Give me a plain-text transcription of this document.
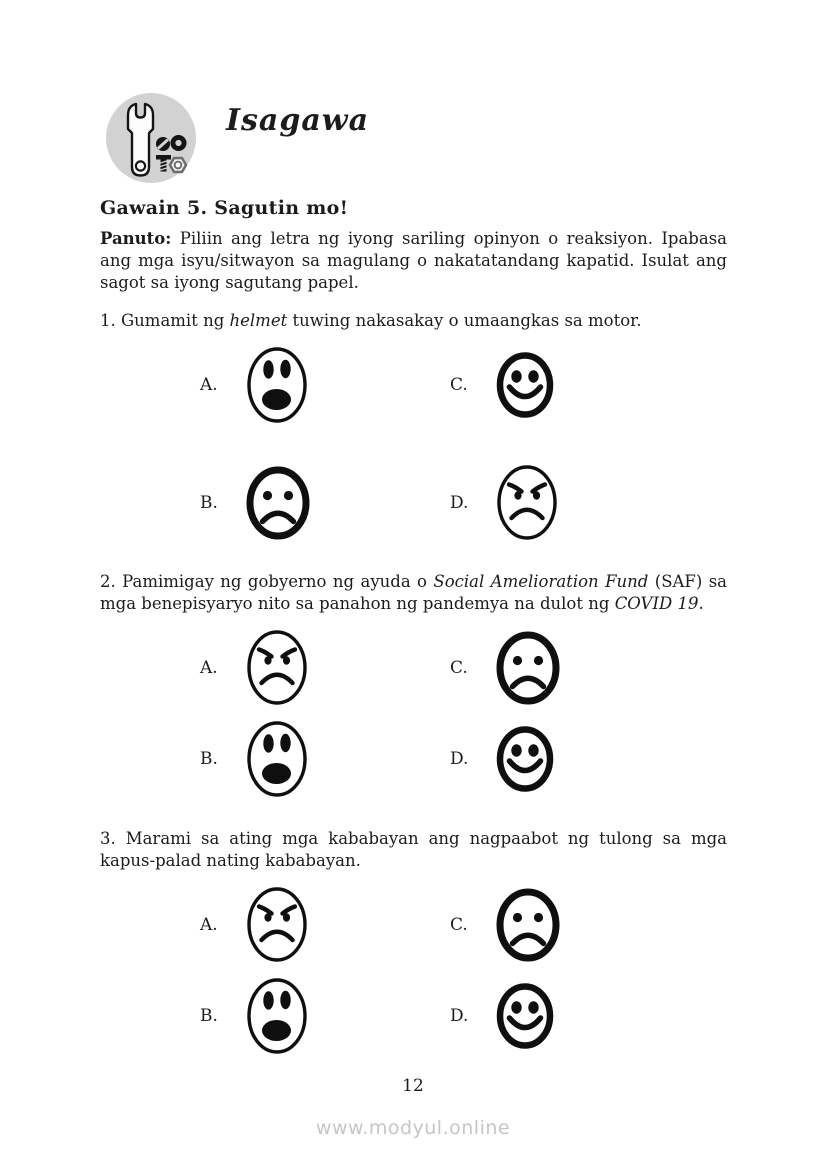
Isagawa
Gawain 5. Sagutin mo!

Panuto: Piliin ang letra ng iyong sariling opinyon o reaksiyon. Ipabasa ang mga isyu/sitwayon sa magulang o nakatatandang kapatid. Isulat ang sagot sa iyong sagutang papel.

1. Gumamit ng helmet tuwing nakasakay o umaangkas sa motor.

A.	C.
B.	D.

2. Pamimigay ng gobyerno ng ayuda o Social Amelioration Fund (SAF) sa mga benepisyaryo nito sa panahon ng pandemya na dulot ng COVID 19.

A.	C.
B.	D.

3. Marami sa ating mga kababayan ang nagpaabot ng tulong sa mga kapus-palad nating kababayan.

A.	C.
B.	D.
12
www.modyul.online
